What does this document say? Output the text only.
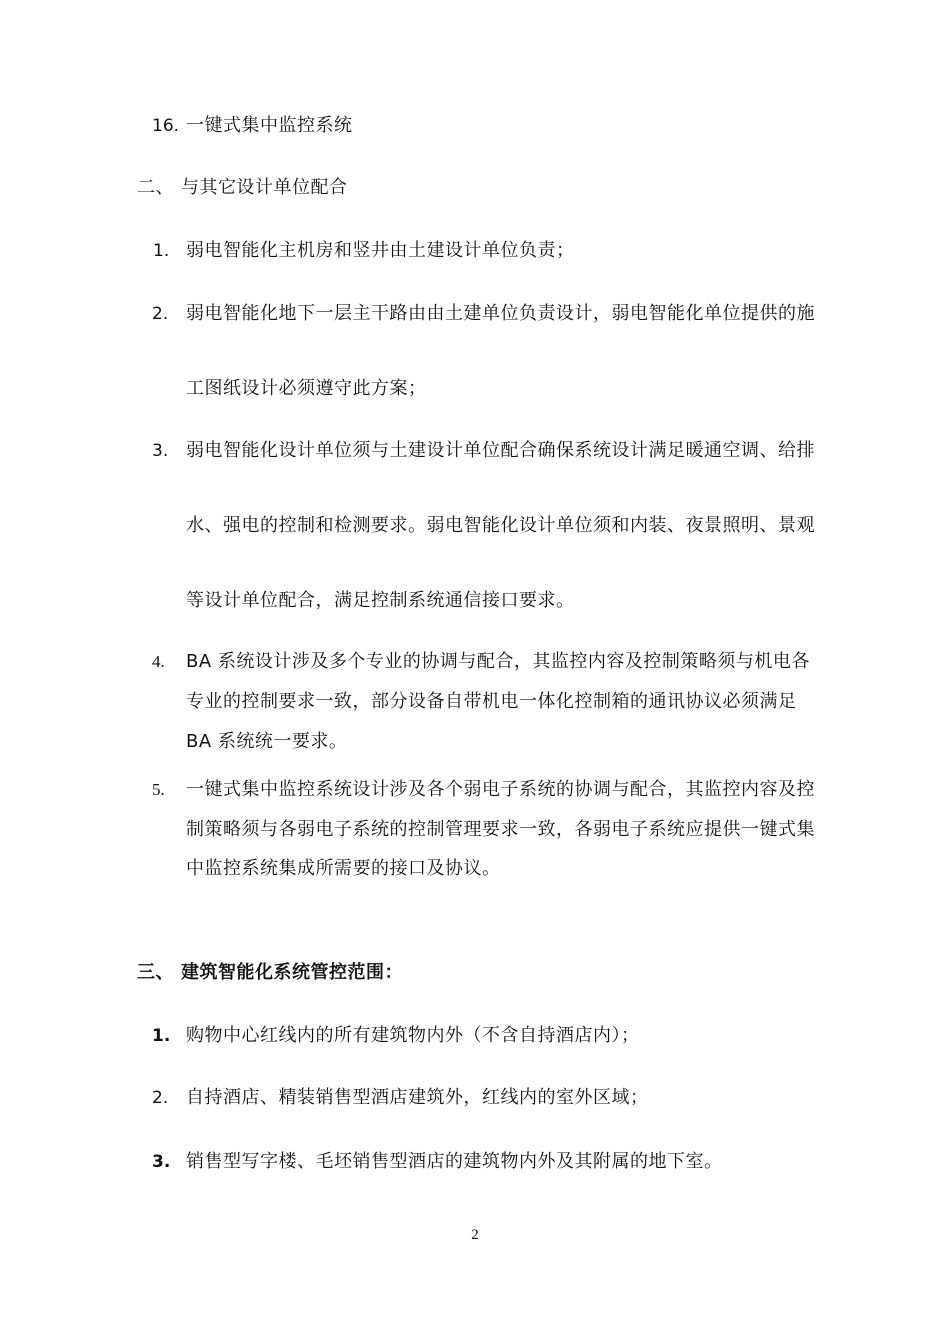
16. 一键式集中监控系统
二、 与其它设计单位配合
1. 弱电智能化主机房和竖井由土建设计单位负责；
2. 弱电智能化地下一层主干路由由土建单位负责设计，弱电智能化单位提供的施
工图纸设计必须遵守此方案；
3. 弱电智能化设计单位须与土建设计单位配合确保系统设计满足暖通空调、给排
水、强电的控制和检测要求。弱电智能化设计单位须和内装、夜景照明、景观
等设计单位配合，满足控制系统通信接口要求。
4. BA 系统设计涉及多个专业的协调与配合，其监控内容及控制策略须与机电各
专业的控制要求一致，部分设备自带机电一体化控制箱的通讯协议必须满足
BA 系统统一要求。
5. 一键式集中监控系统设计涉及各个弱电子系统的协调与配合，其监控内容及控
制策略须与各弱电子系统的控制管理要求一致，各弱电子系统应提供一键式集
中监控系统集成所需要的接口及协议。
三、 建筑智能化系统管控范围：
1. 购物中心红线内的所有建筑物内外（不含自持酒店内）；
2. 自持酒店、精装销售型酒店建筑外，红线内的室外区域；
3. 销售型写字楼、毛坯销售型酒店的建筑物内外及其附属的地下室。
2
